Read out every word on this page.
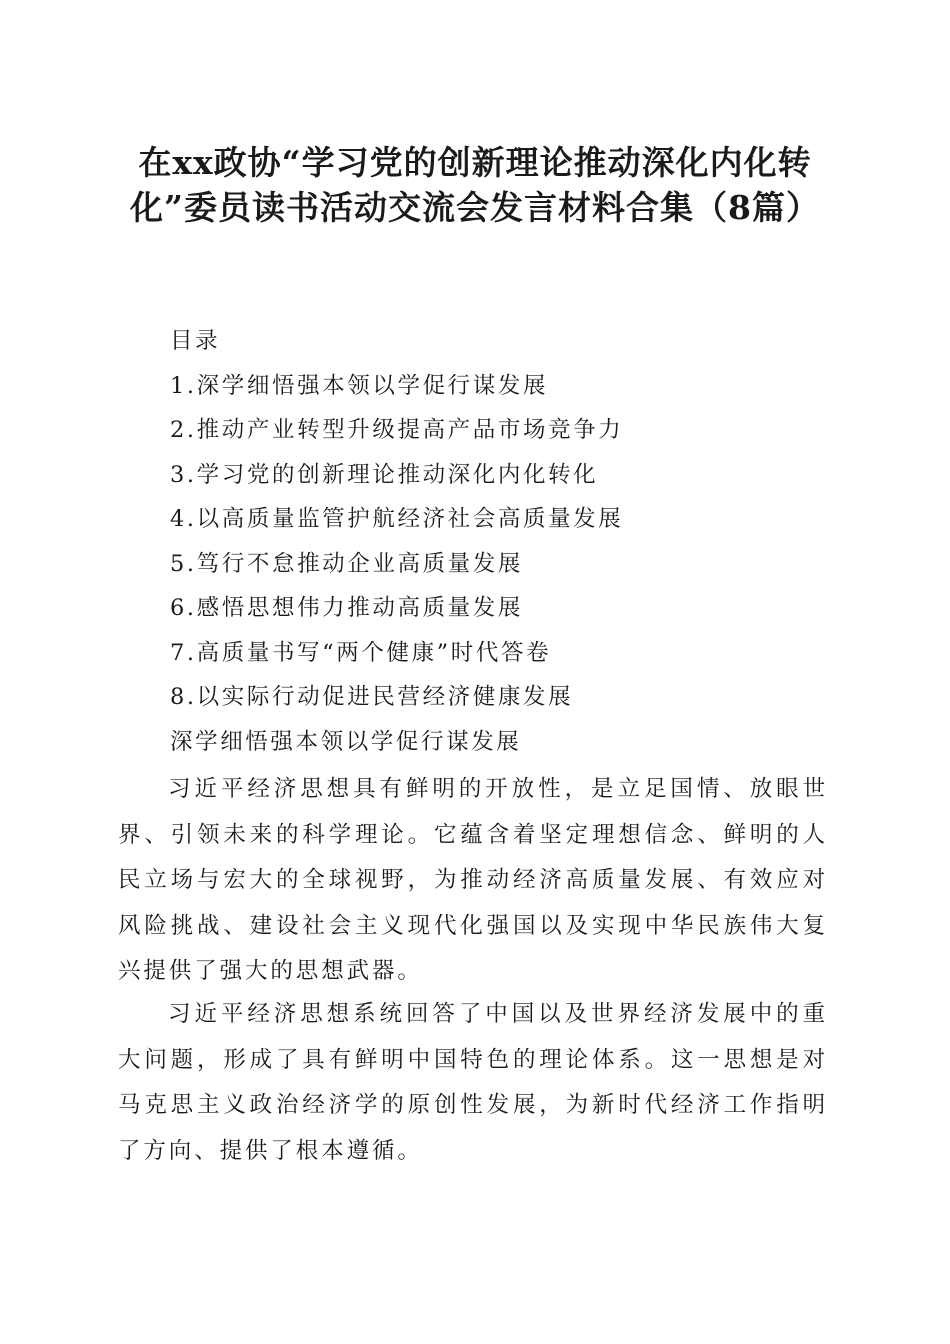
在xx政协“学习党的创新理论推动深化内化转化”委员读书活动交流会发言材料合集（8篇）
目录
1.深学细悟强本领以学促行谋发展
2.推动产业转型升级提高产品市场竞争力
3.学习党的创新理论推动深化内化转化
4.以高质量监管护航经济社会高质量发展
5.笃行不怠推动企业高质量发展
6.感悟思想伟力推动高质量发展
7.高质量书写“两个健康”时代答卷
8.以实际行动促进民营经济健康发展
深学细悟强本领以学促行谋发展

习近平经济思想具有鲜明的开放性，是立足国情、放眼世界、引领未来的科学理论。它蕴含着坚定理想信念、鲜明的人民立场与宏大的全球视野，为推动经济高质量发展、有效应对风险挑战、建设社会主义现代化强国以及实现中华民族伟大复兴提供了强大的思想武器。

习近平经济思想系统回答了中国以及世界经济发展中的重大问题，形成了具有鲜明中国特色的理论体系。这一思想是对马克思主义政治经济学的原创性发展，为新时代经济工作指明了方向、提供了根本遵循。
